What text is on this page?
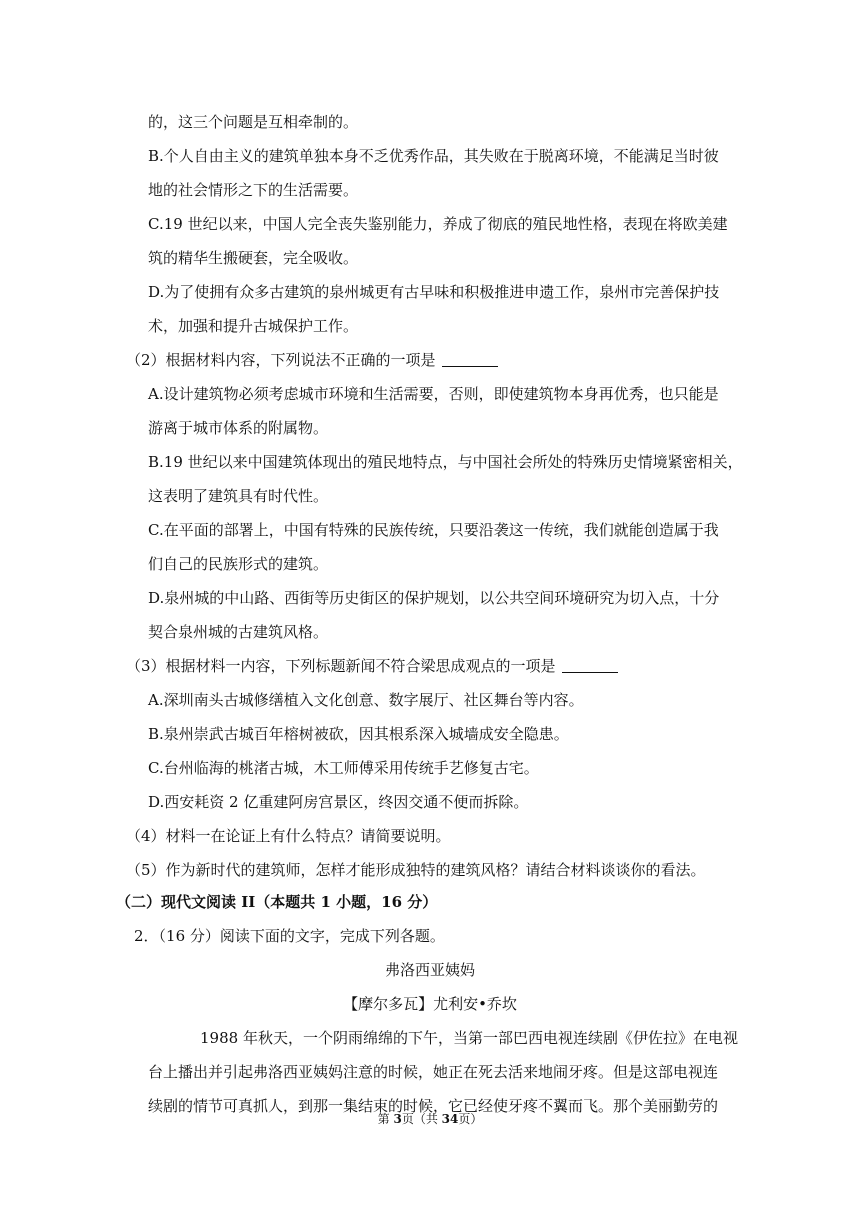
的，这三个问题是互相牵制的。
B.个人自由主义的建筑单独本身不乏优秀作品，其失败在于脱离环境，不能满足当时彼
地的社会情形之下的生活需要。
C.19 世纪以来，中国人完全丧失鉴别能力，养成了彻底的殖民地性格，表现在将欧美建
筑的精华生搬硬套，完全吸收。
D.为了使拥有众多古建筑的泉州城更有古早味和积极推进申遗工作，泉州市完善保护技
术，加强和提升古城保护工作。
（2）根据材料内容，下列说法不正确的一项是
A.设计建筑物必须考虑城市环境和生活需要，否则，即使建筑物本身再优秀，也只能是
游离于城市体系的附属物。
B.19 世纪以来中国建筑体现出的殖民地特点，与中国社会所处的特殊历史情境紧密相关，
这表明了建筑具有时代性。
C.在平面的部署上，中国有特殊的民族传统，只要沿袭这一传统，我们就能创造属于我
们自己的民族形式的建筑。
D.泉州城的中山路、西街等历史街区的保护规划，以公共空间环境研究为切入点，十分
契合泉州城的古建筑风格。
（3）根据材料一内容，下列标题新闻不符合梁思成观点的一项是
A.深圳南头古城修缮植入文化创意、数字展厅、社区舞台等内容。
B.泉州崇武古城百年榕树被砍，因其根系深入城墙成安全隐患。
C.台州临海的桃渚古城，木工师傅采用传统手艺修复古宅。
D.西安耗资 2 亿重建阿房宫景区，终因交通不便而拆除。
（4）材料一在论证上有什么特点？请简要说明。
（5）作为新时代的建筑师，怎样才能形成独特的建筑风格？请结合材料谈谈你的看法。
（二）现代文阅读 II（本题共 1 小题，16 分）
2．（16 分）阅读下面的文字，完成下列各题。
弗洛西亚姨妈
【摩尔多瓦】尤利安•乔坎
1988 年秋天，一个阴雨绵绵的下午，当第一部巴西电视连续剧《伊佐拉》在电视
台上播出并引起弗洛西亚姨妈注意的时候，她正在死去活来地闹牙疼。但是这部电视连
续剧的情节可真抓人，到那一集结束的时候，它已经使牙疼不翼而飞。那个美丽勤劳的
第 3页（共 34页）
